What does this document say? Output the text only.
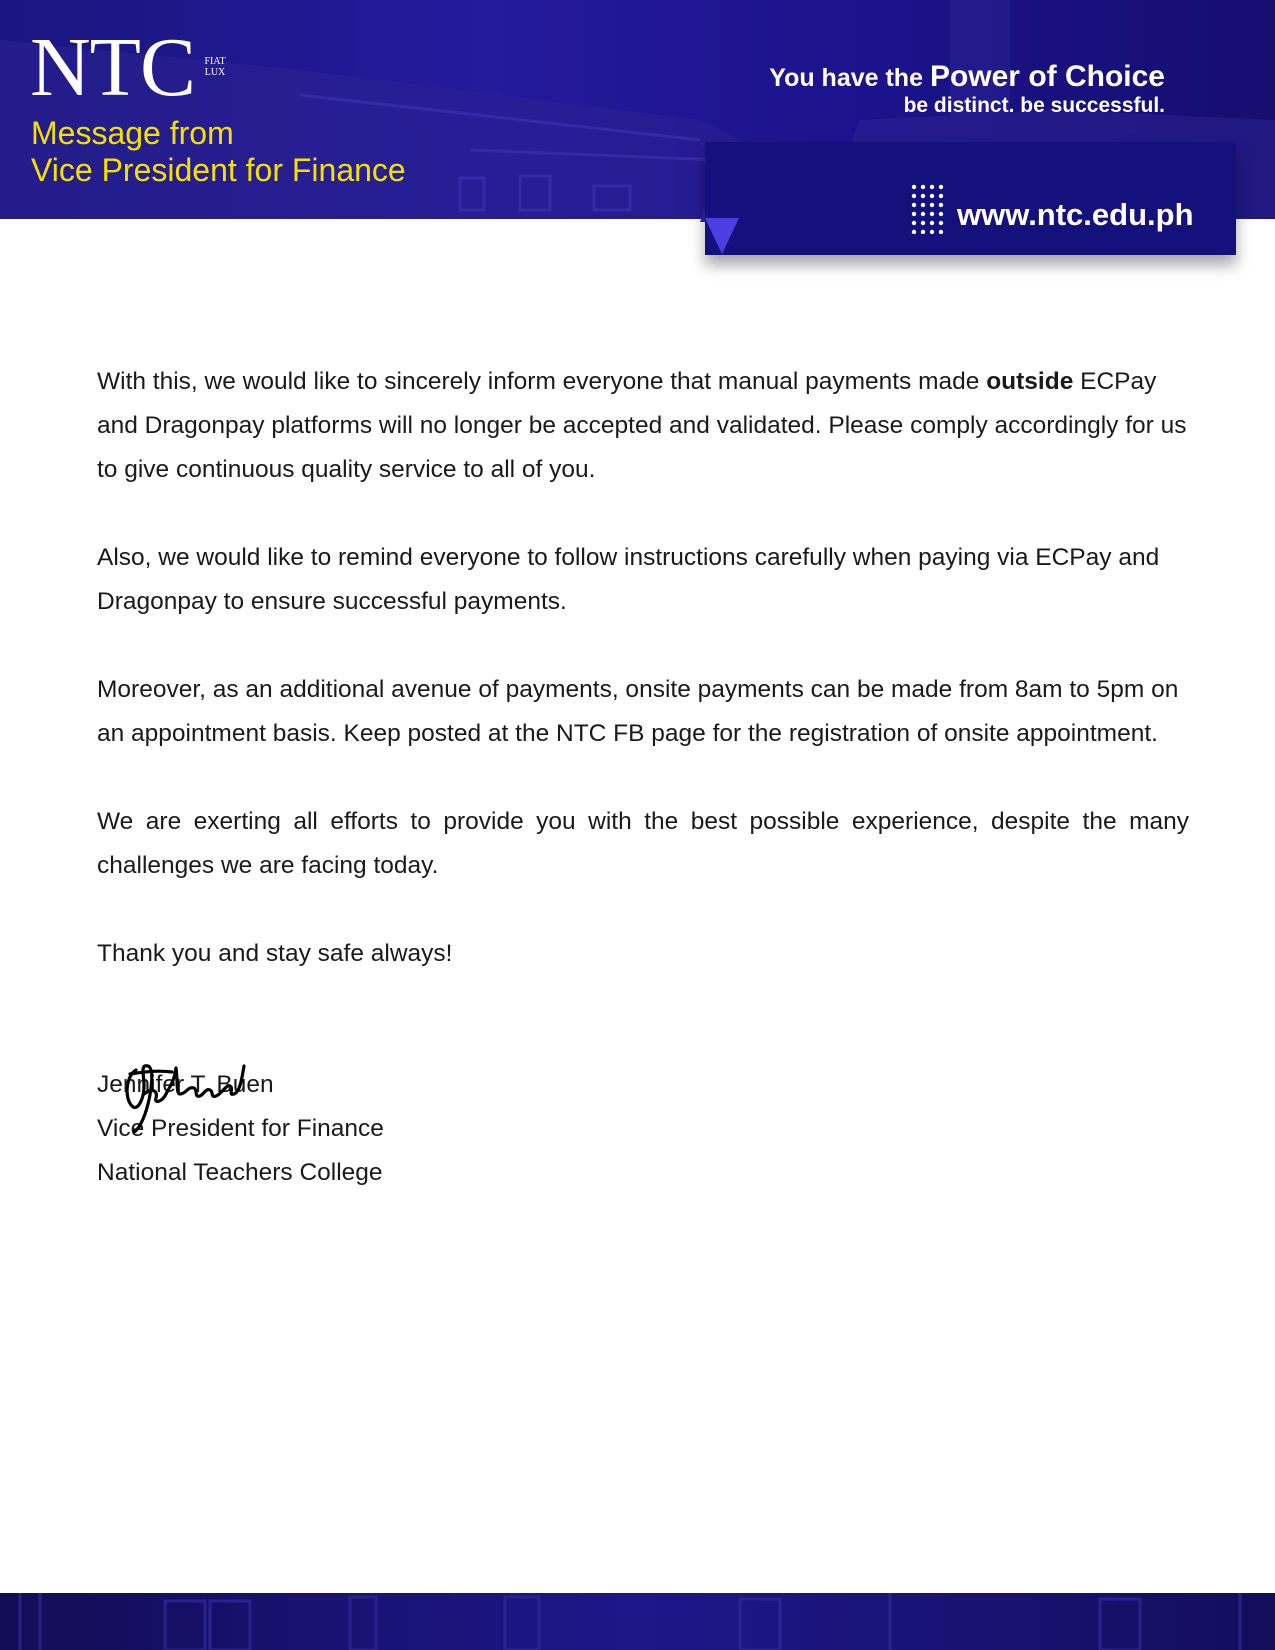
NTC FIAT
LUX
Message from
Vice President for Finance
You have the Power of Choice
be distinct. be successful.
www.ntc.edu.ph

With this, we would like to sincerely inform everyone that manual payments made outside ECPay and Dragonpay platforms will no longer be accepted and validated. Please comply accordingly for us to give continuous quality service to all of you.

Also, we would like to remind everyone to follow instructions carefully when paying via ECPay and Dragonpay to ensure successful payments.

Moreover, as an additional avenue of payments, onsite payments can be made from 8am to 5pm on an appointment basis. Keep posted at the NTC FB page for the registration of onsite appointment.

We are exerting all efforts to provide you with the best possible experience, despite the many challenges we are facing today.

Thank you and stay safe always!

Jennifer T. Buen
Vice President for Finance
National Teachers College
